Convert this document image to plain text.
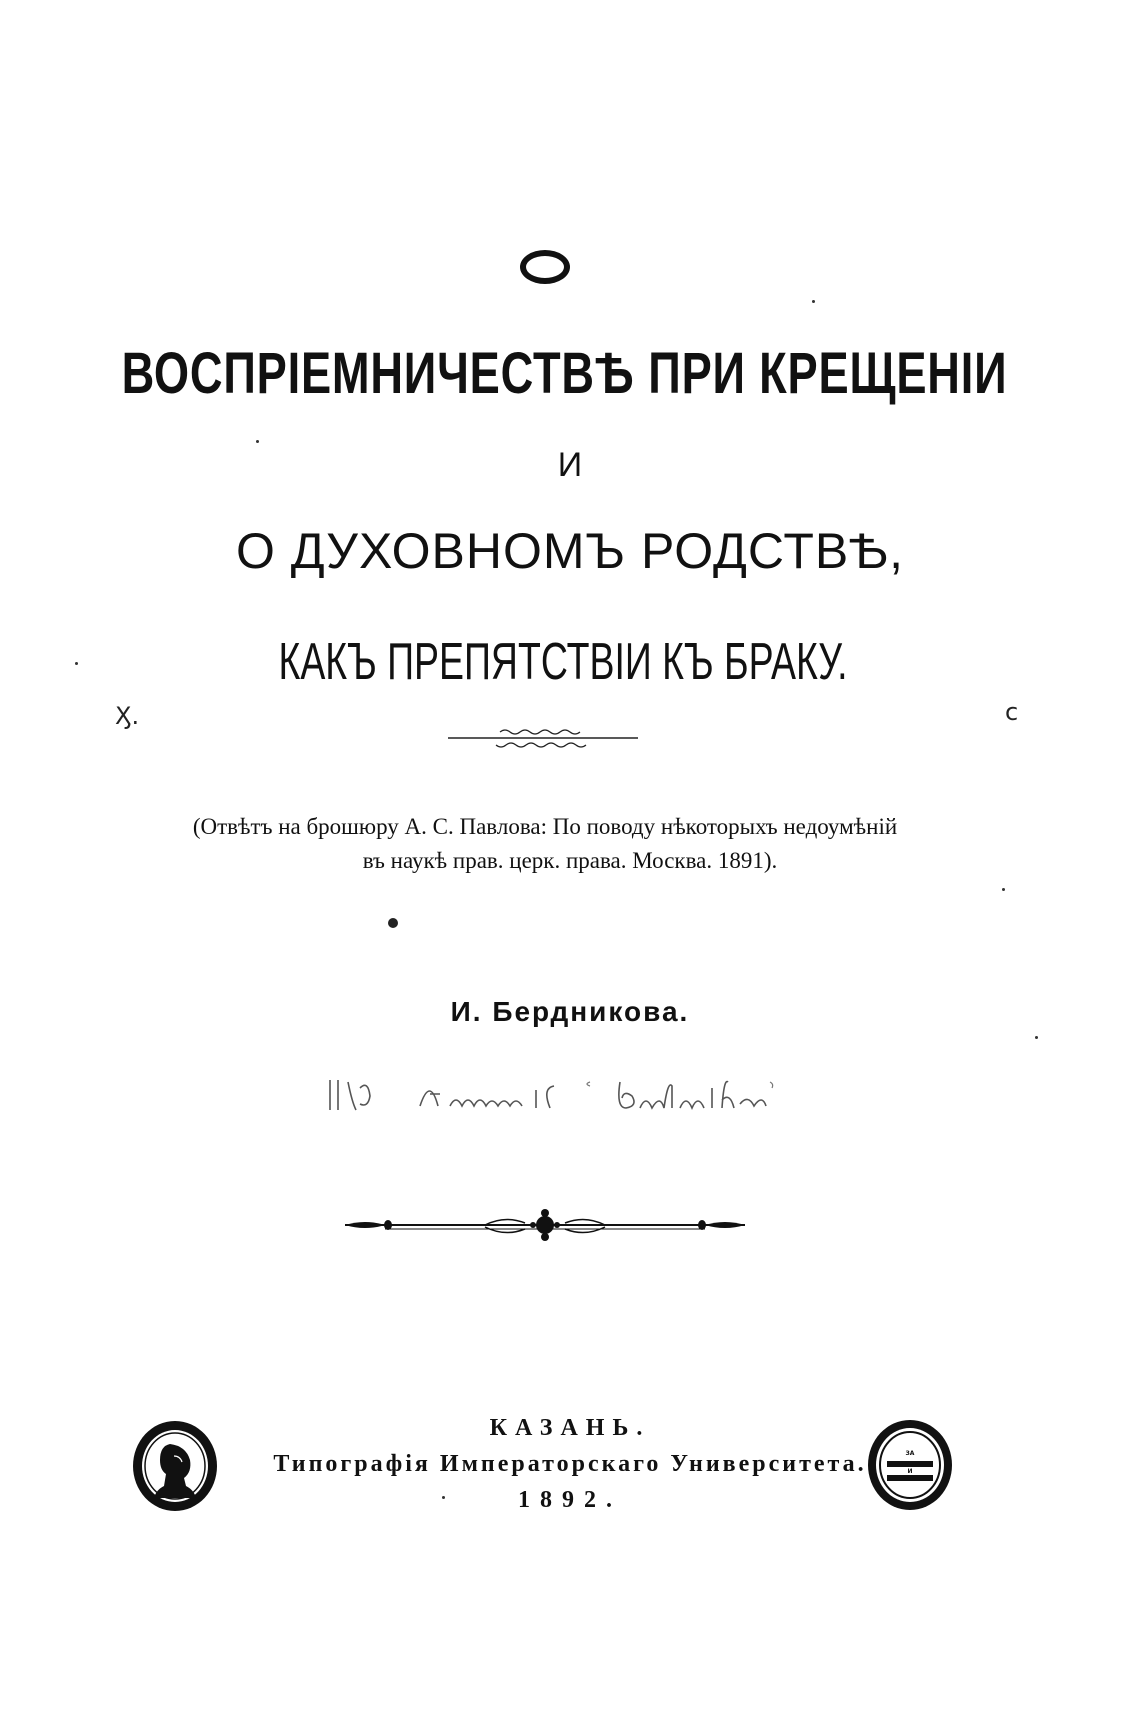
ВОСПРІЕМНИЧЕСТВѢ ПРИ КРЕЩЕНІИ
И
О ДУХОВНОМЪ РОДСТВѢ,
КАКЪ ПРЕПЯТСТВІИ КЪ БРАКУ.
(Отвѣтъ на брошюру А. С. Павлова: По поводу нѣкоторыхъ недоумѣній
въ наукѣ прав. церк. права. Москва. 1891).
И. Бердникова.
КАЗАНЬ.
Типографія Императорскаго Университета.
1892.
ЗА
И
Ӽ.	c
